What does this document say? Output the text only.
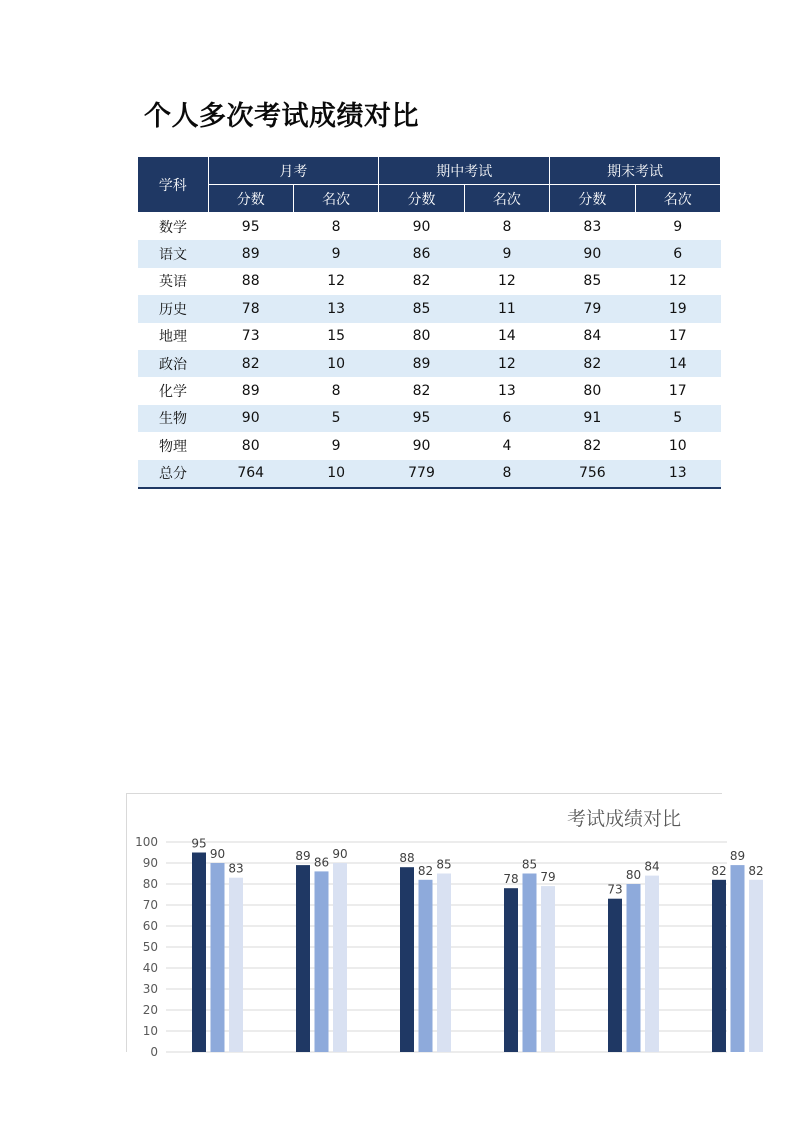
个人多次考试成绩对比
学科	月考		期中考试		期末考试	
	分数	名次	分数	名次	分数	名次
数学	95	8	90	8	83	9
语文	89	9	86	9	90	6
英语	88	12	82	12	85	12
历史	78	13	85	11	79	19
地理	73	15	80	14	84	17
政治	82	10	89	12	82	14
化学	89	8	82	13	80	17
生物	90	5	95	6	91	5
物理	80	9	90	4	82	10
总分	764	10	779	8	756	13
考试成绩对比
0
10
20
30
40
50
60
70
80
90
100	95
90
83
89 86
90	88
82 85
78
85
79
73
80
84	82
89
82
